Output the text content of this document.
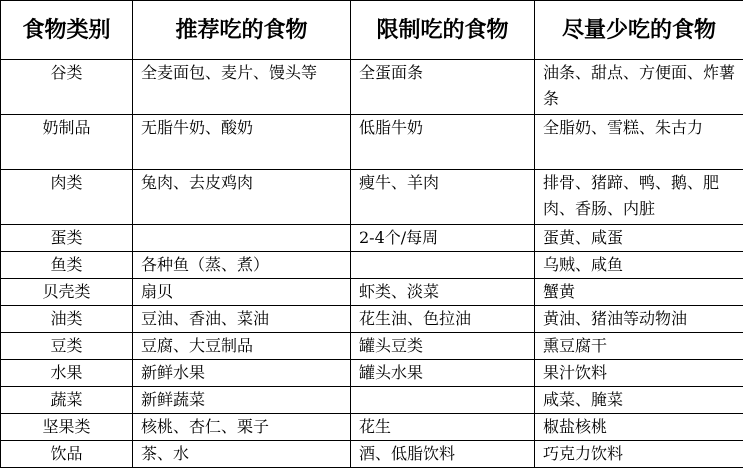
食物类别	推荐吃的食物	限制吃的食物	尽量少吃的食物
谷类	全麦面包、麦片、馒头等	全蛋面条	油条、甜点、方便面、炸薯条
奶制品	无脂牛奶、酸奶	低脂牛奶	全脂奶、雪糕、朱古力
肉类	兔肉、去皮鸡肉	瘦牛、羊肉	排骨、猪蹄、鸭、鹅、肥肉、香肠、内脏
蛋类		2-4个/每周	蛋黄、咸蛋
鱼类	各种鱼（蒸、煮）		乌贼、咸鱼
贝壳类	扇贝	虾类、淡菜	蟹黄
油类	豆油、香油、菜油	花生油、色拉油	黄油、猪油等动物油
豆类	豆腐、大豆制品	罐头豆类	熏豆腐干
水果	新鲜水果	罐头水果	果汁饮料
蔬菜	新鲜蔬菜		咸菜、腌菜
坚果类	核桃、杏仁、栗子	花生	椒盐核桃
饮品	茶、水	酒、低脂饮料	巧克力饮料
